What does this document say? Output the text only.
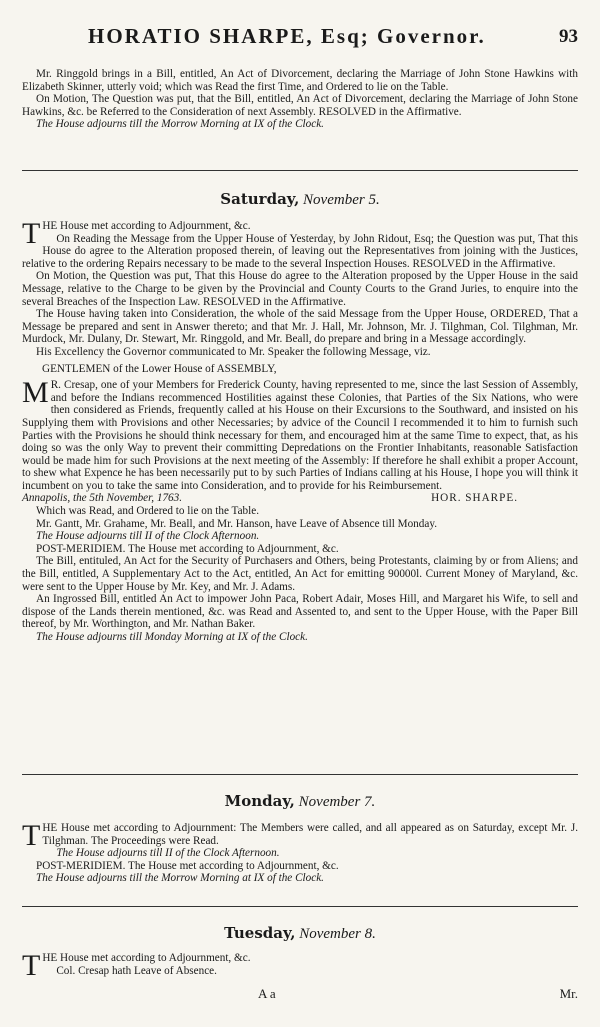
HORATIO SHARPE, Esq; Governor.	93

Mr. Ringgold brings in a Bill, entitled, An Act of Divorcement, declaring the Marriage of John Stone Hawkins with Elizabeth Skinner, utterly void; which was Read the first Time, and Ordered to lie on the Table.

On Motion, The Question was put, that the Bill, entitled, An Act of Divorcement, declaring the Marriage of John Stone Hawkins, &c. be Referred to the Consideration of next Assembly. RESOLVED in the Affirmative.

The House adjourns till the Morrow Morning at IX of the Clock.

Saturday, November 5.

THE House met according to Adjournment, &c.

On Reading the Message from the Upper House of Yesterday, by John Ridout, Esq; the Question was put, That this House do agree to the Alteration proposed therein, of leaving out the Representatives from joining with the Justices, relative to the ordering Repairs necessary to be made to the several Inspection Houses. RESOLVED in the Affirmative.

On Motion, the Question was put, That this House do agree to the Alteration proposed by the Upper House in the said Message, relative to the Charge to be given by the Provincial and County Courts to the Grand Juries, to enquire into the several Breaches of the Inspection Law. RESOLVED in the Affirmative.

The House having taken into Consideration, the whole of the said Message from the Upper House, ORDERED, That a Message be prepared and sent in Answer thereto; and that Mr. J. Hall, Mr. Johnson, Mr. J. Tilghman, Col. Tilghman, Mr. Murdock, Mr. Dulany, Dr. Stewart, Mr. Ringgold, and Mr. Beall, do prepare and bring in a Message accordingly.

His Excellency the Governor communicated to Mr. Speaker the following Message, viz.

GENTLEMEN of the Lower House of ASSEMBLY,

M R. Cresap, one of your Members for Frederick County, having represented to me, since the last Session of Assembly, and before the Indians recommenced Hostilities against these Colonies, that Parties of the Six Nations, who were then considered as Friends, frequently called at his House on their Excursions to the Southward, and insisted on his Supplying them with Provisions and other Necessaries; by advice of the Council I recommended it to him to furnish such Parties with the Provisions he should think necessary for them, and encouraged him at the same Time to expect, that, as his doing so was the only Way to prevent their committing Depredations on the Frontier Inhabitants, reasonable Satisfaction would be made him for such Provisions at the next meeting of the Assembly: If therefore he shall exhibit a proper Account, to shew what Expence he has been necessarily put to by such Parties of Indians calling at his House, I hope you will think it incumbent on you to take the same into Consideration, and to provide for his Reimbursement.

Annapolis, the 5th November, 1763.	HOR. SHARPE.

Which was Read, and Ordered to lie on the Table.

Mr. Gantt, Mr. Grahame, Mr. Beall, and Mr. Hanson, have Leave of Absence till Monday.

The House adjourns till II of the Clock Afternoon.

POST-MERIDIEM. The House met according to Adjournment, &c.

The Bill, entituled, An Act for the Security of Purchasers and Others, being Protestants, claiming by or from Aliens; and the Bill, entitled, A Supplementary Act to the Act, entitled, An Act for emitting 90000l. Current Money of Maryland, &c. were sent to the Upper House by Mr. Key, and Mr. J. Adams.

An Ingrossed Bill, entitled An Act to impower John Paca, Robert Adair, Moses Hill, and Margaret his Wife, to sell and dispose of the Lands therein mentioned, &c. was Read and Assented to, and sent to the Upper House, with the Paper Bill thereof, by Mr. Worthington, and Mr. Nathan Baker.

The House adjourns till Monday Morning at IX of the Clock.

Monday, November 7.

THE House met according to Adjournment: The Members were called, and all appeared as on Saturday, except Mr. J. Tilghman. The Proceedings were Read.

The House adjourns till II of the Clock Afternoon.

POST-MERIDIEM. The House met according to Adjournment, &c.

The House adjourns till the Morrow Morning at IX of the Clock.

Tuesday, November 8.

THE House met according to Adjournment, &c.

Col. Cresap hath Leave of Absence.

A a	Mr.
